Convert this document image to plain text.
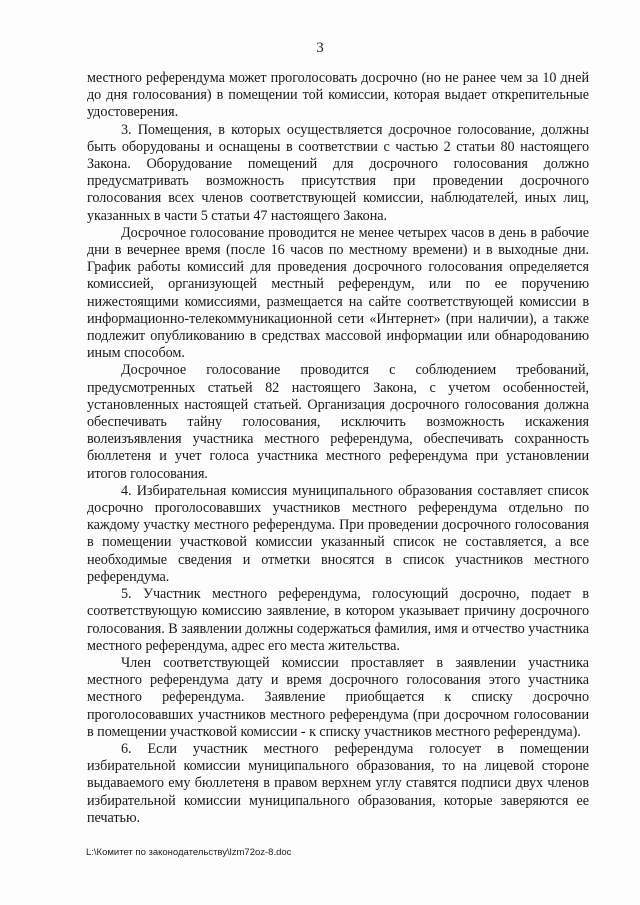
3

местного референдума может проголосовать досрочно (но не ранее чем за 10 дней до дня голосования) в помещении той комиссии, которая выдает открепительные удостоверения.

3. Помещения, в которых осуществляется досрочное голосование, должны быть оборудованы и оснащены в соответствии с частью 2 статьи 80 настоящего Закона. Оборудование помещений для досрочного голосования должно предусматривать возможность присутствия при проведении досрочного голосования всех членов соответствующей комиссии, наблюдателей, иных лиц, указанных в части 5 статьи 47 настоящего Закона.

Досрочное голосование проводится не менее четырех часов в день в рабочие дни в вечернее время (после 16 часов по местному времени) и в выходные дни. График работы комиссий для проведения досрочного голосования определяется комиссией, организующей местный референдум, или по ее поручению нижестоящими комиссиями, размещается на сайте соответствующей комиссии в информационно-телекоммуникационной сети «Интернет» (при наличии), а также подлежит опубликованию в средствах массовой информации или обнародованию иным способом.

Досрочное голосование проводится с соблюдением требований, предусмотренных статьей 82 настоящего Закона, с учетом особенностей, установленных настоящей статьей. Организация досрочного голосования должна обеспечивать тайну голосования, исключить возможность искажения волеизъявления участника местного референдума, обеспечивать сохранность бюллетеня и учет голоса участника местного референдума при установлении итогов голосования.

4. Избирательная комиссия муниципального образования составляет список досрочно проголосовавших участников местного референдума отдельно по каждому участку местного референдума. При проведении досрочного голосования в помещении участковой комиссии указанный список не составляется, а все необходимые сведения и отметки вносятся в список участников местного референдума.

5. Участник местного референдума, голосующий досрочно, подает в соответствующую комиссию заявление, в котором указывает причину досрочного голосования. В заявлении должны содержаться фамилия, имя и отчество участника местного референдума, адрес его места жительства.

Член соответствующей комиссии проставляет в заявлении участника местного референдума дату и время досрочного голосования этого участника местного референдума. Заявление приобщается к списку досрочно проголосовавших участников местного референдума (при досрочном голосовании в помещении участковой комиссии - к списку участников местного референдума).

6. Если участник местного референдума голосует в помещении избирательной комиссии муниципального образования, то на лицевой стороне выдаваемого ему бюллетеня в правом верхнем углу ставятся подписи двух членов избирательной комиссии муниципального образования, которые заверяются ее печатью.

L:\Комитет по законодательству\lzm72oz-8.doc
